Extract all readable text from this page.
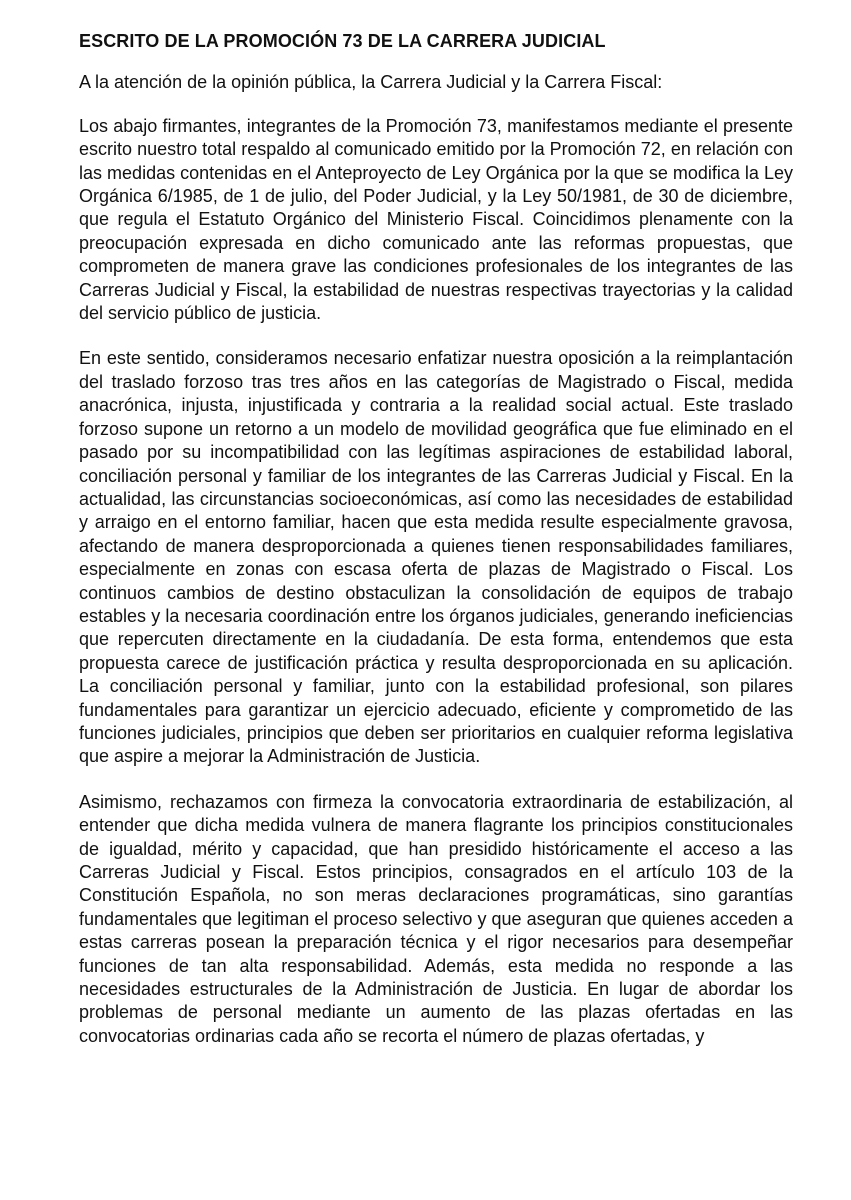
ESCRITO DE LA PROMOCIÓN 73 DE LA CARRERA JUDICIAL
A la atención de la opinión pública, la Carrera Judicial y la Carrera Fiscal:
Los abajo firmantes, integrantes de la Promoción 73, manifestamos mediante el presente escrito nuestro total respaldo al comunicado emitido por la Promoción 72, en relación con las medidas contenidas en el Anteproyecto de Ley Orgánica por la que se modifica la Ley Orgánica 6/1985, de 1 de julio, del Poder Judicial, y la Ley 50/1981, de 30 de diciembre, que regula el Estatuto Orgánico del Ministerio Fiscal. Coincidimos plenamente con la preocupación expresada en dicho comunicado ante las reformas propuestas, que comprometen de manera grave las condiciones profesionales de los integrantes de las Carreras Judicial y Fiscal, la estabilidad de nuestras respectivas trayectorias y la calidad del servicio público de justicia.
En este sentido, consideramos necesario enfatizar nuestra oposición a la reimplantación del traslado forzoso tras tres años en las categorías de Magistrado o Fiscal, medida anacrónica, injusta, injustificada y contraria a la realidad social actual. Este traslado forzoso supone un retorno a un modelo de movilidad geográfica que fue eliminado en el pasado por su incompatibilidad con las legítimas aspiraciones de estabilidad laboral, conciliación personal y familiar de los integrantes de las Carreras Judicial y Fiscal. En la actualidad, las circunstancias socioeconómicas, así como las necesidades de estabilidad y arraigo en el entorno familiar, hacen que esta medida resulte especialmente gravosa, afectando de manera desproporcionada a quienes tienen responsabilidades familiares, especialmente en zonas con escasa oferta de plazas de Magistrado o Fiscal. Los continuos cambios de destino obstaculizan la consolidación de equipos de trabajo estables y la necesaria coordinación entre los órganos judiciales, generando ineficiencias que repercuten directamente en la ciudadanía. De esta forma, entendemos que esta propuesta carece de justificación práctica y resulta desproporcionada en su aplicación. La conciliación personal y familiar, junto con la estabilidad profesional, son pilares fundamentales para garantizar un ejercicio adecuado, eficiente y comprometido de las funciones judiciales, principios que deben ser prioritarios en cualquier reforma legislativa que aspire a mejorar la Administración de Justicia.
Asimismo, rechazamos con firmeza la convocatoria extraordinaria de estabilización, al entender que dicha medida vulnera de manera flagrante los principios constitucionales de igualdad, mérito y capacidad, que han presidido históricamente el acceso a las Carreras Judicial y Fiscal. Estos principios, consagrados en el artículo 103 de la Constitución Española, no son meras declaraciones programáticas, sino garantías fundamentales que legitiman el proceso selectivo y que aseguran que quienes acceden a estas carreras posean la preparación técnica y el rigor necesarios para desempeñar funciones de tan alta responsabilidad. Además, esta medida no responde a las necesidades estructurales de la Administración de Justicia. En lugar de abordar los problemas de personal mediante un aumento de las plazas ofertadas en las convocatorias ordinarias cada año se recorta el número de plazas ofertadas, y
